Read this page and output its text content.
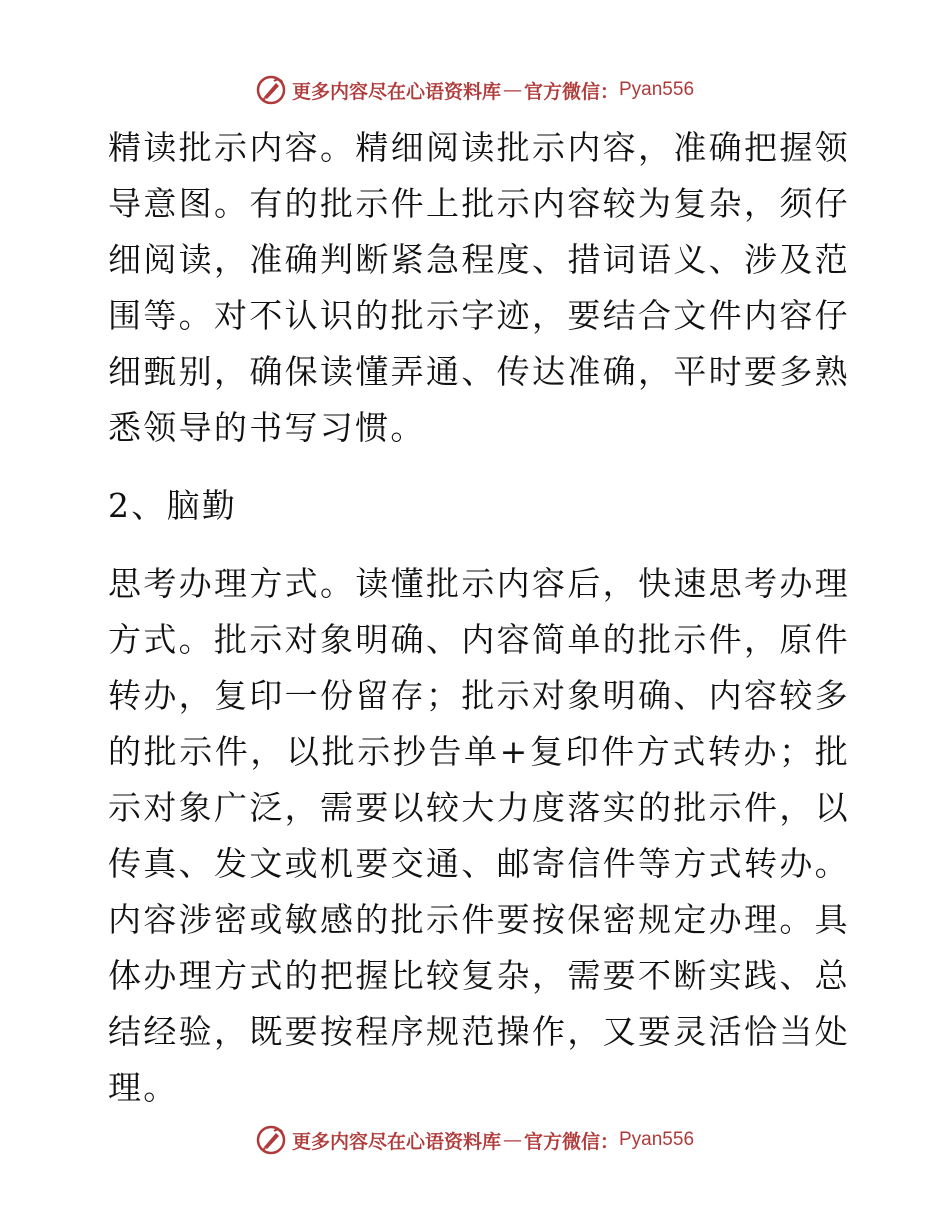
更多内容尽在心语资料库 — 官方微信： Pyan556

精读批示内容。精细阅读批示内容，准确把握领导意图。有的批示件上批示内容较为复杂，须仔细阅读，准确判断紧急程度、措词语义、涉及范围等。对不认识的批示字迹，要结合文件内容仔细甄别，确保读懂弄通、传达准确，平时要多熟悉领导的书写习惯。

2、脑勤

思考办理方式。读懂批示内容后，快速思考办理方式。批示对象明确、内容简单的批示件，原件转办，复印一份留存；批示对象明确、内容较多的批示件，以批示抄告单+复印件方式转办；批示对象广泛，需要以较大力度落实的批示件，以传真、发文或机要交通、邮寄信件等方式转办。内容涉密或敏感的批示件要按保密规定办理。具体办理方式的把握比较复杂，需要不断实践、总结经验，既要按程序规范操作，又要灵活恰当处理。

更多内容尽在心语资料库 — 官方微信： Pyan556
